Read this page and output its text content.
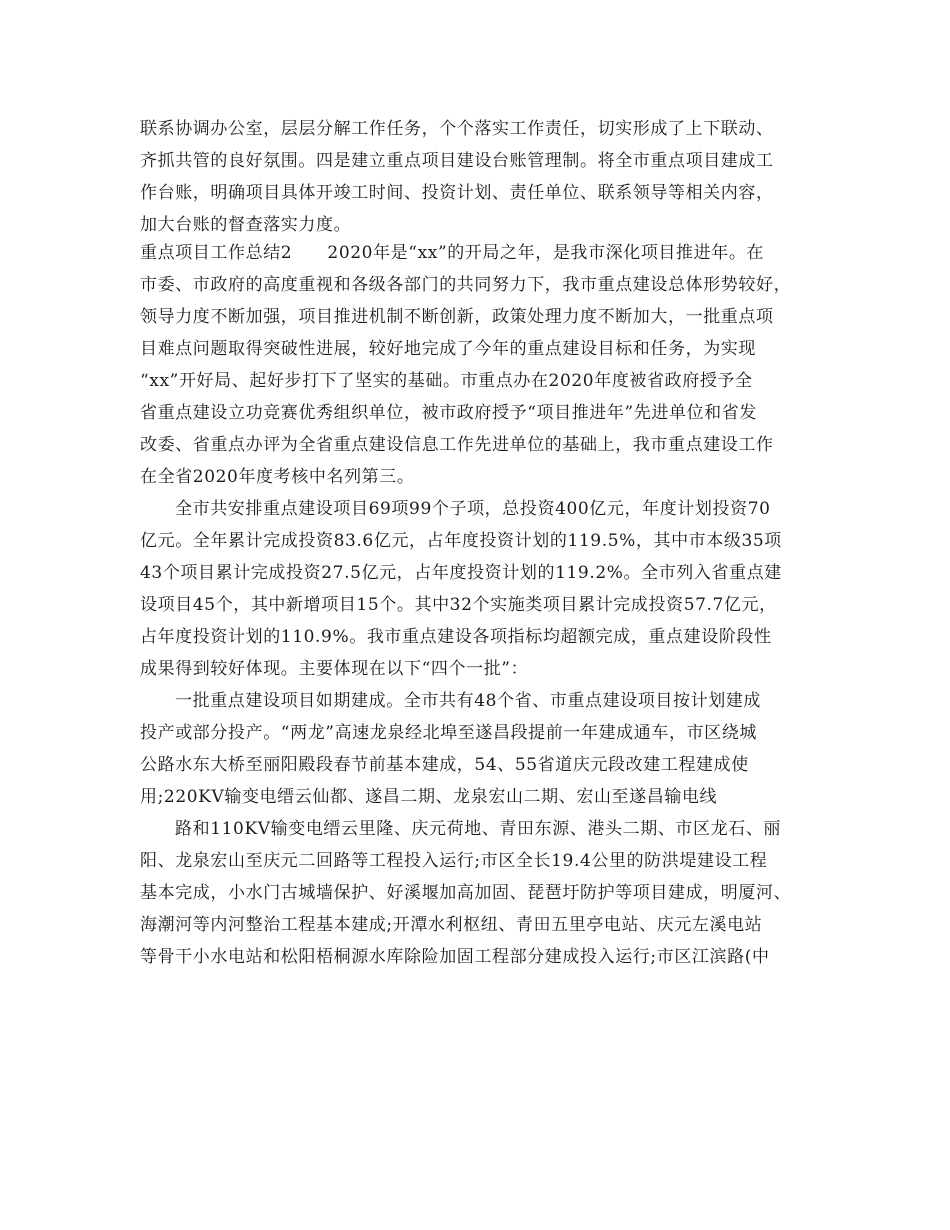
联系协调办公室，层层分解工作任务，个个落实工作责任，切实形成了上下联动、
齐抓共管的良好氛围。四是建立重点项目建设台账管理制。将全市重点项目建成工
作台账，明确项目具体开竣工时间、投资计划、责任单位、联系领导等相关内容，
加大台账的督查落实力度。
重点项目工作总结2　　2020年是“xx”的开局之年，是我市深化项目推进年。在
市委、市政府的高度重视和各级各部门的共同努力下，我市重点建设总体形势较好，
领导力度不断加强，项目推进机制不断创新，政策处理力度不断加大，一批重点项
目难点问题取得突破性进展，较好地完成了今年的重点建设目标和任务，为实现
“xx”开好局、起好步打下了坚实的基础。市重点办在2020年度被省政府授予全
省重点建设立功竞赛优秀组织单位，被市政府授予“项目推进年”先进单位和省发
改委、省重点办评为全省重点建设信息工作先进单位的基础上，我市重点建设工作
在全省2020年度考核中名列第三。
全市共安排重点建设项目69项99个子项，总投资400亿元，年度计划投资70
亿元。全年累计完成投资83.6亿元，占年度投资计划的119.5%，其中市本级35项
43个项目累计完成投资27.5亿元，占年度投资计划的119.2%。全市列入省重点建
设项目45个，其中新增项目15个。其中32个实施类项目累计完成投资57.7亿元，
占年度投资计划的110.9%。我市重点建设各项指标均超额完成，重点建设阶段性
成果得到较好体现。主要体现在以下“四个一批”：
一批重点建设项目如期建成。全市共有48个省、市重点建设项目按计划建成
投产或部分投产。“两龙”高速龙泉经北埠至遂昌段提前一年建成通车，市区绕城
公路水东大桥至丽阳殿段春节前基本建成，54、55省道庆元段改建工程建成使
用;220KV输变电缙云仙都、遂昌二期、龙泉宏山二期、宏山至遂昌输电线
路和110KV输变电缙云里隆、庆元荷地、青田东源、港头二期、市区龙石、丽
阳、龙泉宏山至庆元二回路等工程投入运行;市区全长19.4公里的防洪堤建设工程
基本完成，小水门古城墙保护、好溪堰加高加固、琵琶圩防护等项目建成，明厦河、
海潮河等内河整治工程基本建成;开潭水利枢纽、青田五里亭电站、庆元左溪电站
等骨干小水电站和松阳梧桐源水库除险加固工程部分建成投入运行;市区江滨路(中
